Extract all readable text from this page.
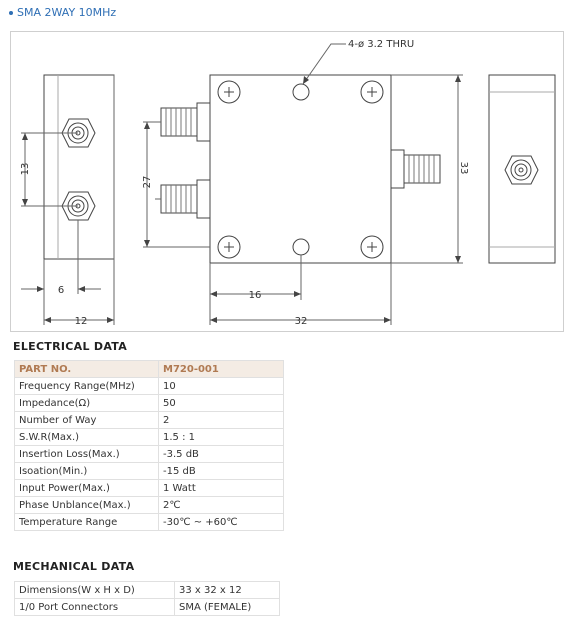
SMA 2WAY 10MHz
4-ø 3.2 THRU
13
27
33
6
12
16
32
ELECTRICAL DATA
PART NO.	M720-001
Frequency Range(MHz)	10
Impedance(Ω)	50
Number of Way	2
S.W.R(Max.)	1.5 : 1
Insertion Loss(Max.)	-3.5 dB
Isoation(Min.)	-15 dB
Input Power(Max.)	1 Watt
Phase Unblance(Max.)	2℃
Temperature Range	-30℃ ~ +60℃
MECHANICAL DATA
Dimensions(W x H x D)	33 x 32 x 12
1/0 Port Connectors	SMA (FEMALE)
